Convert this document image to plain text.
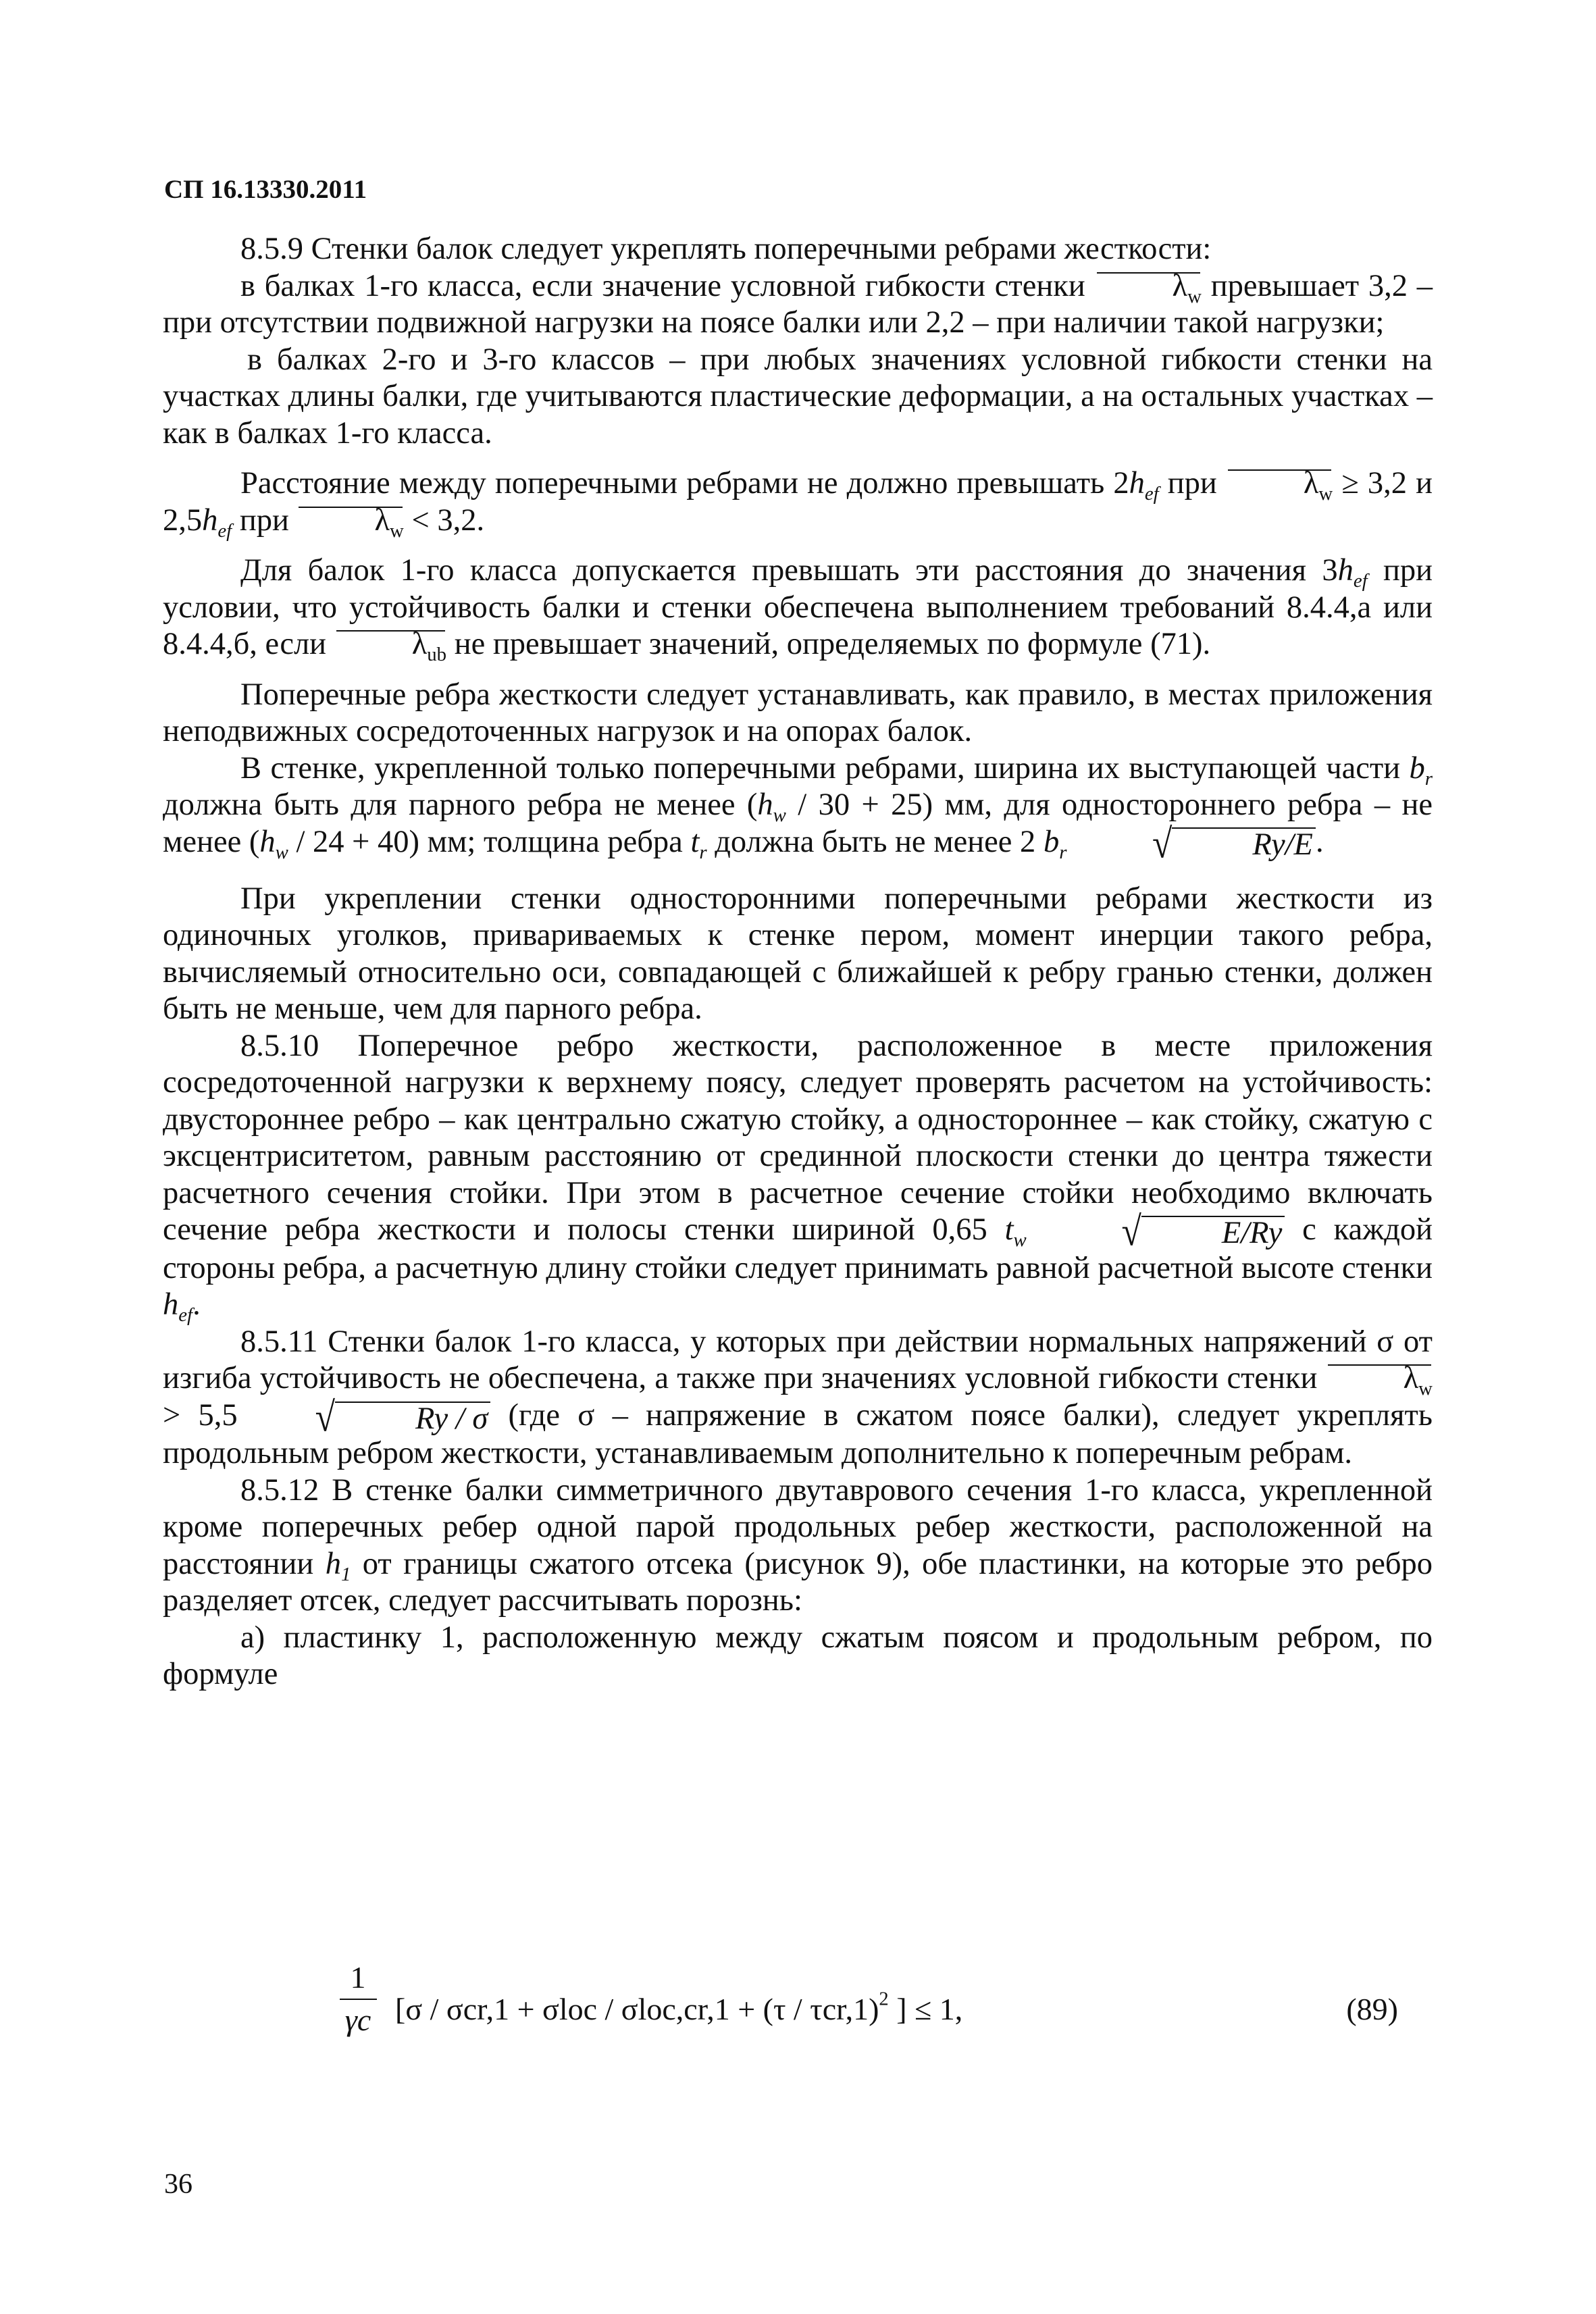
СП 16.13330.2011

8.5.9 Стенки балок следует укреплять поперечными ребрами жесткости:

в балках 1-го класса, если значение условной гибкости стенки	$\lambda_w$ превышает 3,2 – при отсутствии подвижной нагрузки на поясе балки или 2,2 – при наличии такой нагрузки;

в балках 2-го и 3-го классов – при любых значениях условной гибкости стенки на участках длины балки, где учитываются пластические деформации, а на остальных участках – как в балках 1-го класса.

Расстояние между поперечными ребрами не должно превышать $2h_{ef}$ при	$\lambda_w \ge 3,2$ и $2,5h_{ef}$ при	$\lambda_w < 3,2$.

Для балок 1-го класса допускается превышать эти расстояния до значения $3h_{ef}$ при условии, что устойчивость балки и стенки обеспечена выполнением требований 8.4.4,а или 8.4.4,б, если	$\lambda_{ub}$ не превышает значений, определяемых по формуле (71).

Поперечные ребра жесткости следует устанавливать, как правило, в местах приложения неподвижных сосредоточенных нагрузок и на опорах балок.

В стенке, укрепленной только поперечными ребрами, ширина их выступающей части $b_r$ должна быть для парного ребра не менее $(h_w / 30 + 25)$ мм, для одностороннего ребра – не менее $(h_w / 24 + 40)$ мм; толщина ребра $t_r$ должна быть не менее 2 $b_r$	√	Ry/E .

При укреплении стенки односторонними поперечными ребрами жесткости из одиночных уголков, привариваемых к стенке пером, момент инерции такого ребра, вычисляемый относительно оси, совпадающей с ближайшей к ребру гранью стенки, должен быть не меньше, чем для парного ребра.

8.5.10 Поперечное ребро жесткости, расположенное в месте приложения сосредоточенной нагрузки к верхнему поясу, следует проверять расчетом на устойчивость: двустороннее ребро – как центрально сжатую стойку, а одностороннее – как стойку, сжатую с эксцентриситетом, равным расстоянию от срединной плоскости стенки до центра тяжести расчетного сечения стойки. При этом в расчетное сечение стойки необходимо включать сечение ребра жесткости и полосы стенки шириной 0,65 $t_w$	√	E/Ry с каждой стороны ребра, а расчетную длину стойки следует принимать равной расчетной высоте стенки $h_{ef}$.

8.5.11 Стенки балок 1-го класса, у которых при действии нормальных напряжений σ от изгиба устойчивость не обеспечена, а также при значениях условной гибкости стенки	$\lambda_w > 5,5$	√	Ry / σ (где σ – напряжение в сжатом поясе балки), следует укреплять продольным ребром жесткости, устанавливаемым дополнительно к поперечным ребрам.

8.5.12 В стенке балки симметричного двутаврового сечения 1-го класса, укрепленной кроме поперечных ребер одной парой продольных ребер жесткости, расположенной на расстоянии $h_1$ от границы сжатого отсека (рисунок 9), обе пластинки, на которые это ребро разделяет отсек, следует рассчитывать порознь:

а) пластинку 1, расположенную между сжатым поясом и продольным ребром, по формуле

1
γc [σ / σcr,1 + σloc / σloc,cr,1 + (τ / τcr,1)$^2$ ] ≤ 1,	(89)
36
